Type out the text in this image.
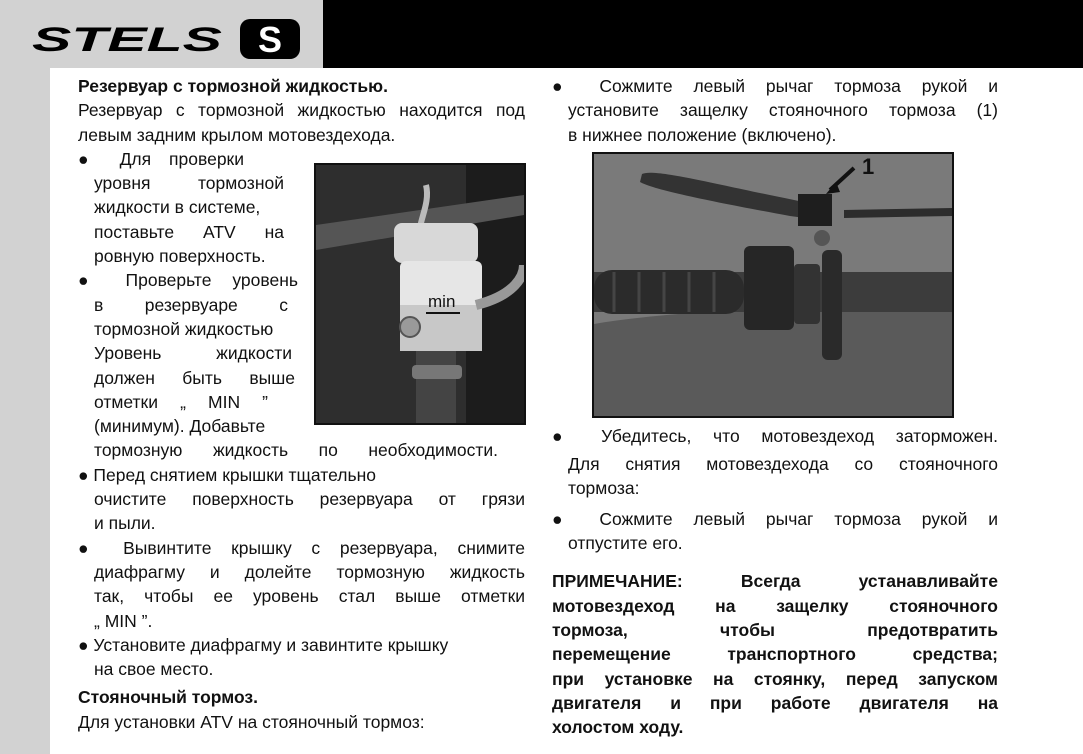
STELS S
Резервуар с тормозной жидкостью.
Резервуар с тормозной жидкостью находится под
левым задним крылом мотовездехода.
● Для проверки
уровня тормозной
жидкости в системе,
поставьте ATV на
ровную поверхность.
● Проверьте уровень
в резервуаре с
тормозной жидкостью
Уровень жидкости
должен быть выше
отметки „ MIN ”
(минимум). Добавьте
тормозную жидкость по необходимости.
● Перед снятием крышки тщательно
очистите поверхность резервуара от грязи
и пыли.
● Вывинтите крышку с резервуара, снимите
диафрагму и долейте тормозную жидкость
так, чтобы ее уровень стал выше отметки
„ MIN ”.
● Установите диафрагму и завинтите крышку
на свое место.
Стояночный тормоз.
Для установки ATV на стояночный тормоз:
min
● Сожмите левый рычаг тормоза рукой и
установите защелку стояночного тормоза (1)
в нижнее положение (включено).
● Убедитесь, что мотовездеход заторможен.
Для снятия мотовездехода со стояночного
тормоза:
● Сожмите левый рычаг тормоза рукой и
отпустите его.
ПРИМЕЧАНИЕ: Всегда устанавливайте
мотовездеход на защелку стояночного
тормоза, чтобы предотвратить
перемещение транспортного средства;
при установке на стоянку, перед запуском
двигателя и при работе двигателя на
холостом ходу.
1
